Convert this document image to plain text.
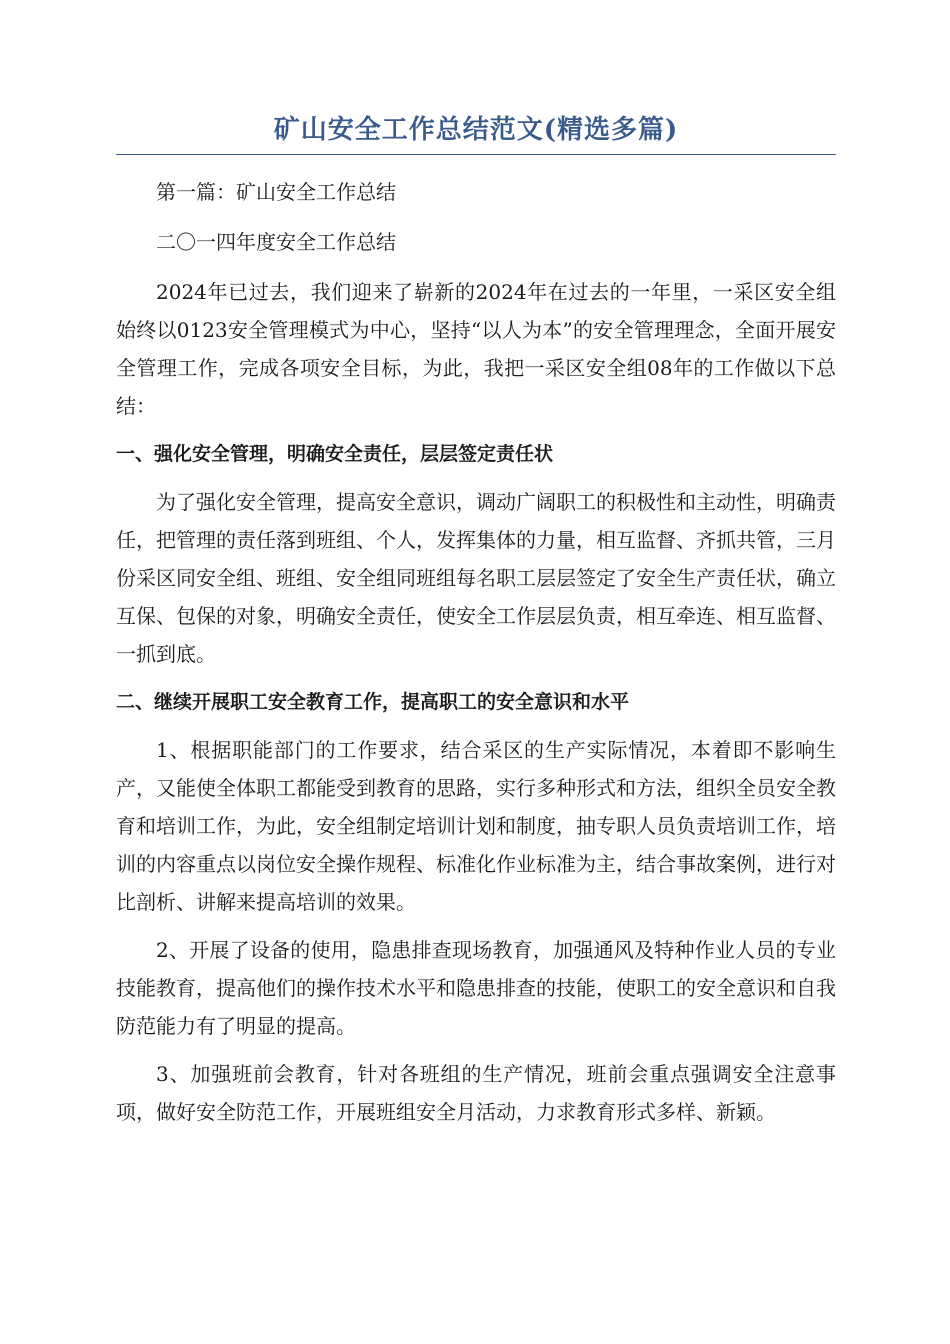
矿山安全工作总结范文(精选多篇)

第一篇：矿山安全工作总结

二〇一四年度安全工作总结

2024年已过去，我们迎来了崭新的2024年在过去的一年里，一采区安全组始终以0123安全管理模式为中心，坚持“以人为本”的安全管理理念，全面开展安全管理工作，完成各项安全目标，为此，我把一采区安全组08年的工作做以下总结：

一、强化安全管理，明确安全责任，层层签定责任状

为了强化安全管理，提高安全意识，调动广阔职工的积极性和主动性，明确责任，把管理的责任落到班组、个人，发挥集体的力量，相互监督、齐抓共管，三月份采区同安全组、班组、安全组同班组每名职工层层签定了安全生产责任状，确立互保、包保的对象，明确安全责任，使安全工作层层负责，相互牵连、相互监督、一抓到底。

二、继续开展职工安全教育工作，提高职工的安全意识和水平

1、根据职能部门的工作要求，结合采区的生产实际情况，本着即不影响生产，又能使全体职工都能受到教育的思路，实行多种形式和方法，组织全员安全教育和培训工作，为此，安全组制定培训计划和制度，抽专职人员负责培训工作，培训的内容重点以岗位安全操作规程、标准化作业标准为主，结合事故案例，进行对比剖析、讲解来提高培训的效果。

2、开展了设备的使用，隐患排查现场教育，加强通风及特种作业人员的专业技能教育，提高他们的操作技术水平和隐患排查的技能，使职工的安全意识和自我防范能力有了明显的提高。

3、加强班前会教育，针对各班组的生产情况，班前会重点强调安全注意事项，做好安全防范工作，开展班组安全月活动，力求教育形式多样、新颖。
